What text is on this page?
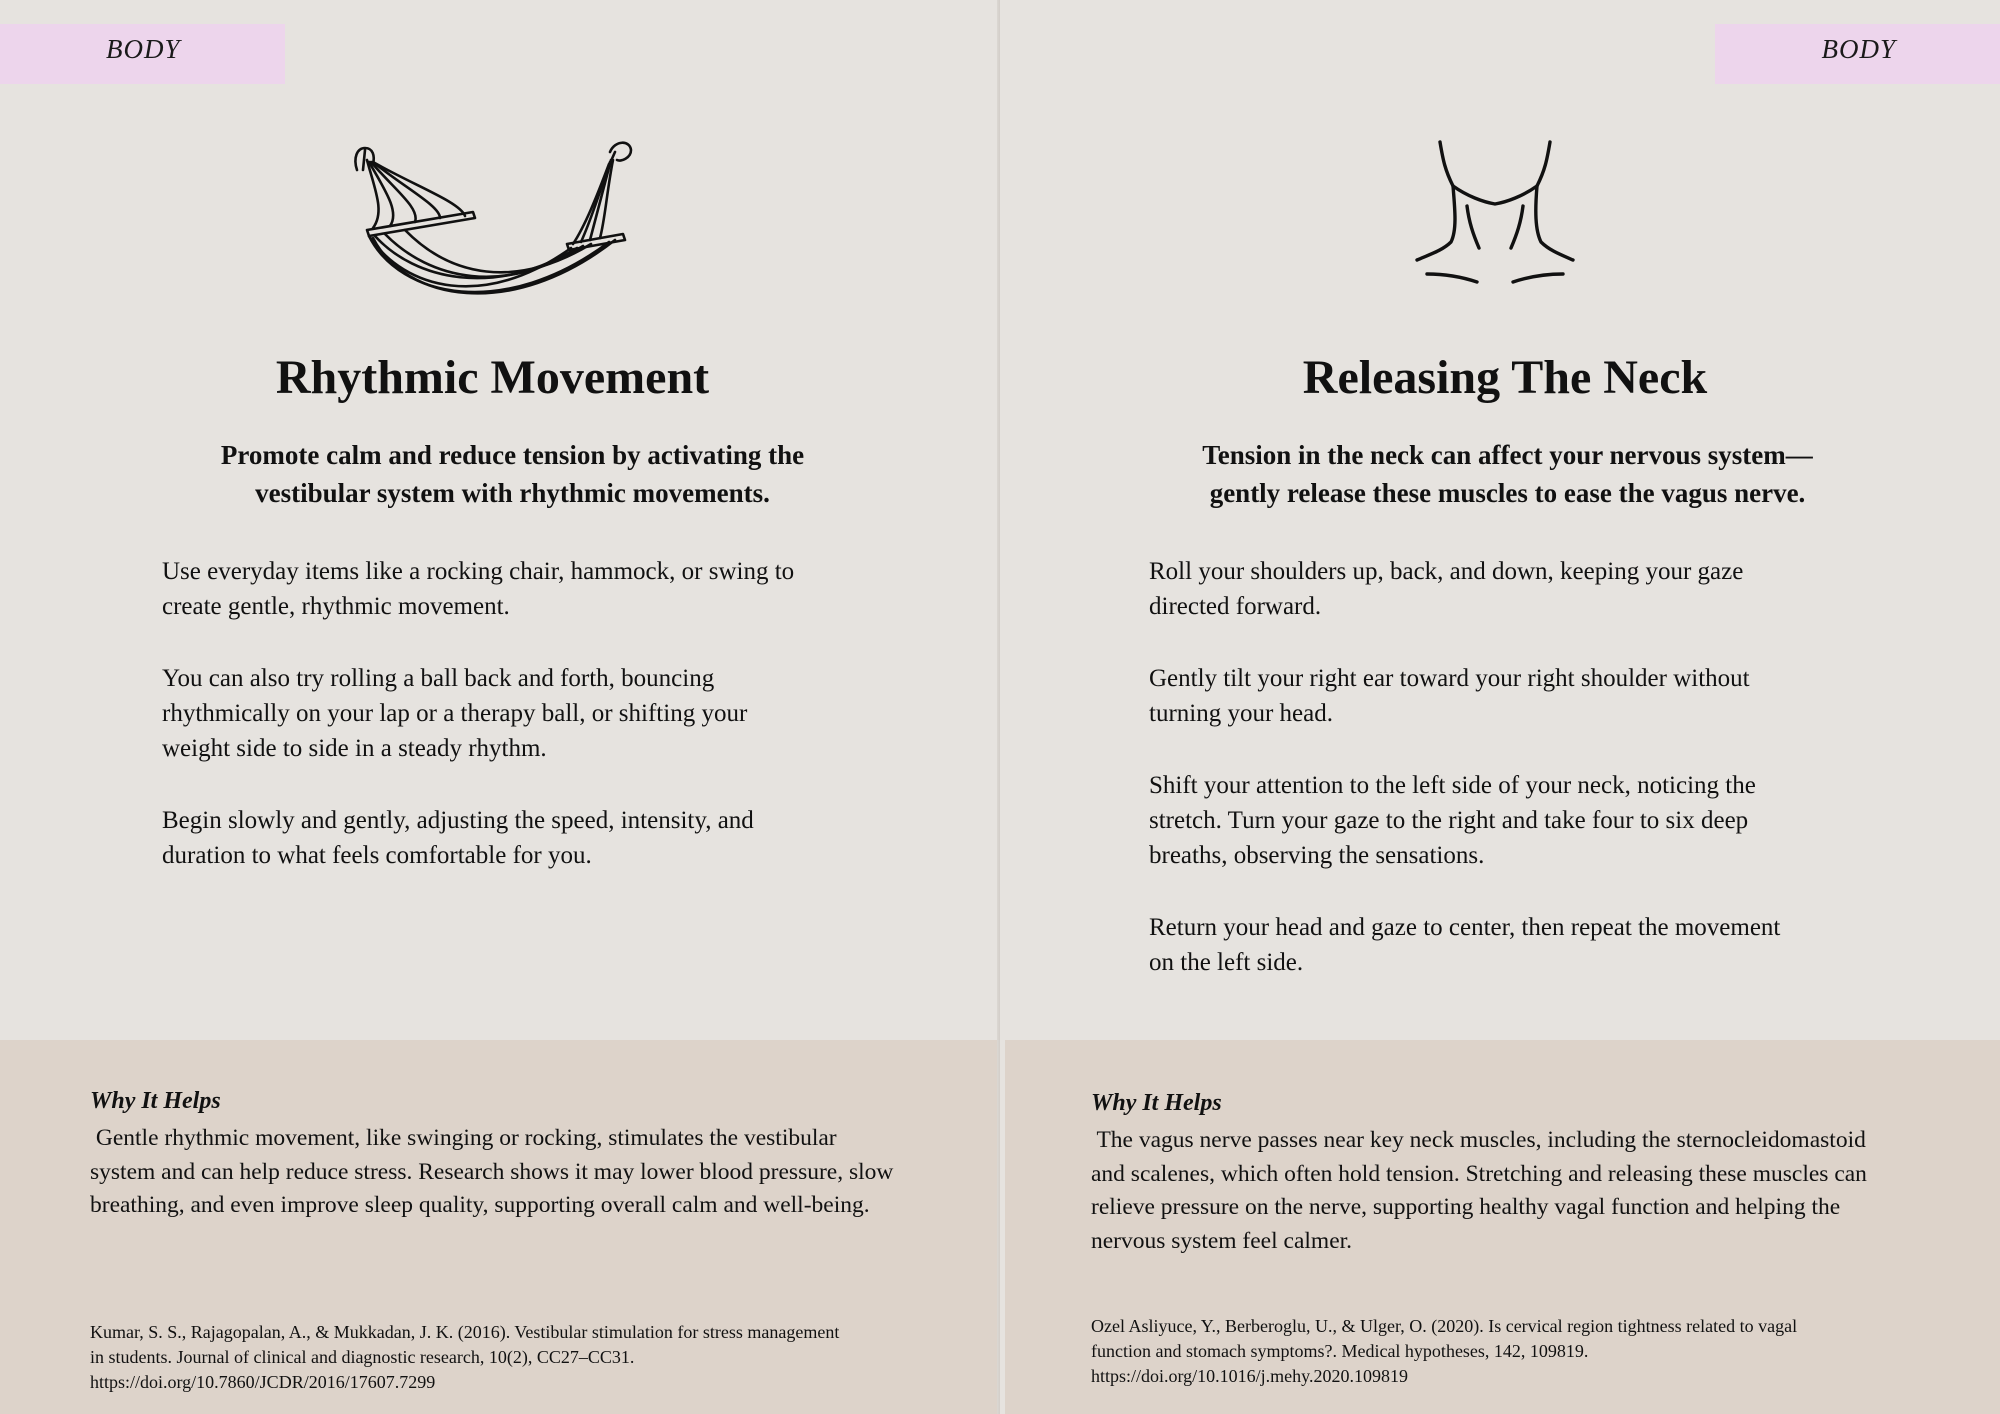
BODY
Rhythmic Movement

Promote calm and reduce tension by activating the
vestibular system with rhythmic movements.

Use everyday items like a rocking chair, hammock, or swing to
create gentle, rhythmic movement.

You can also try rolling a ball back and forth, bouncing
rhythmically on your lap or a therapy ball, or shifting your
weight side to side in a steady rhythm.

Begin slowly and gently, adjusting the speed, intensity, and
duration to what feels comfortable for you.

Why It Helps
Gentle rhythmic movement, like swinging or rocking, stimulates the vestibular
system and can help reduce stress. Research shows it may lower blood pressure, slow
breathing, and even improve sleep quality, supporting overall calm and well-being.
Kumar, S. S., Rajagopalan, A., & Mukkadan, J. K. (2016). Vestibular stimulation for stress management
in students. Journal of clinical and diagnostic research, 10(2), CC27–CC31.
https://doi.org/10.7860/JCDR/2016/17607.7299
BODY
Releasing The Neck

Tension in the neck can affect your nervous system—
gently release these muscles to ease the vagus nerve.

Roll your shoulders up, back, and down, keeping your gaze
directed forward.

Gently tilt your right ear toward your right shoulder without
turning your head.

Shift your attention to the left side of your neck, noticing the
stretch. Turn your gaze to the right and take four to six deep
breaths, observing the sensations.

Return your head and gaze to center, then repeat the movement
on the left side.

Why It Helps
The vagus nerve passes near key neck muscles, including the sternocleidomastoid
and scalenes, which often hold tension. Stretching and releasing these muscles can
relieve pressure on the nerve, supporting healthy vagal function and helping the
nervous system feel calmer.
Ozel Asliyuce, Y., Berberoglu, U., & Ulger, O. (2020). Is cervical region tightness related to vagal
function and stomach symptoms?. Medical hypotheses, 142, 109819.
https://doi.org/10.1016/j.mehy.2020.109819
